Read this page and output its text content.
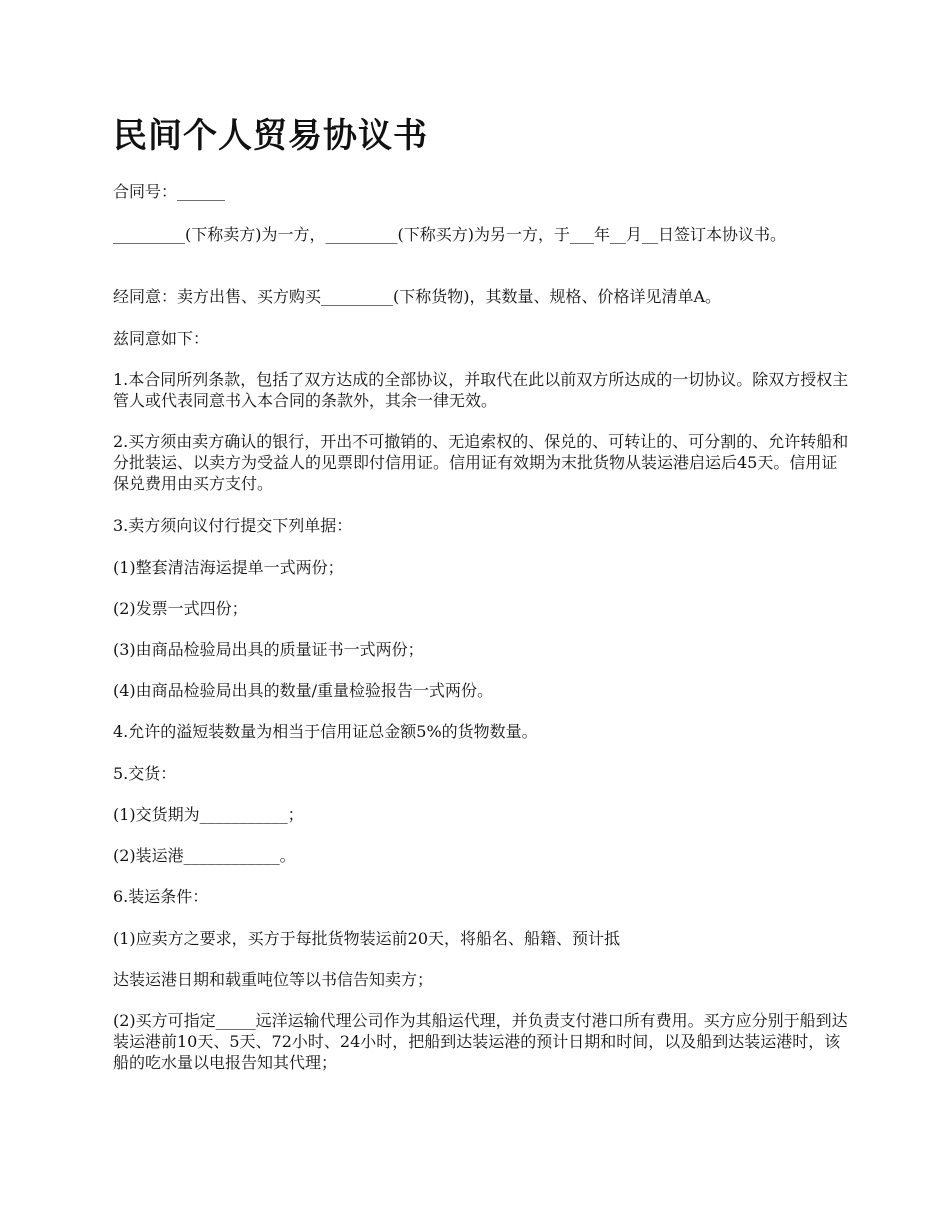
民间个人贸易协议书

合同号：______

_________(下称卖方)为一方，_________(下称买方)为另一方，于___年__月__日签订本协议书。

经同意：卖方出售、买方购买_________(下称货物)，其数量、规格、价格详见清单A。

兹同意如下：

1.本合同所列条款，包括了双方达成的全部协议，并取代在此以前双方所达成的一切协议。除双方授权主管人或代表同意书入本合同的条款外，其余一律无效。

2.买方须由卖方确认的银行，开出不可撤销的、无追索权的、保兑的、可转让的、可分割的、允许转船和分批装运、以卖方为受益人的见票即付信用证。信用证有效期为末批货物从装运港启运后45天。信用证保兑费用由买方支付。

3.卖方须向议付行提交下列单据：

(1)整套清洁海运提单一式两份；

(2)发票一式四份；

(3)由商品检验局出具的质量证书一式两份；

(4)由商品检验局出具的数量/重量检验报告一式两份。

4.允许的溢短装数量为相当于信用证总金额5%的货物数量。

5.交货：

(1)交货期为___________；

(2)装运港____________。

6.装运条件：

(1)应卖方之要求，买方于每批货物装运前20天，将船名、船籍、预计抵

达装运港日期和载重吨位等以书信告知卖方；

(2)买方可指定_____远洋运输代理公司作为其船运代理，并负责支付港口所有费用。买方应分别于船到达装运港前10天、5天、72小时、24小时，把船到达装运港的预计日期和时间，以及船到达装运港时，该船的吃水量以电报告知其代理；
